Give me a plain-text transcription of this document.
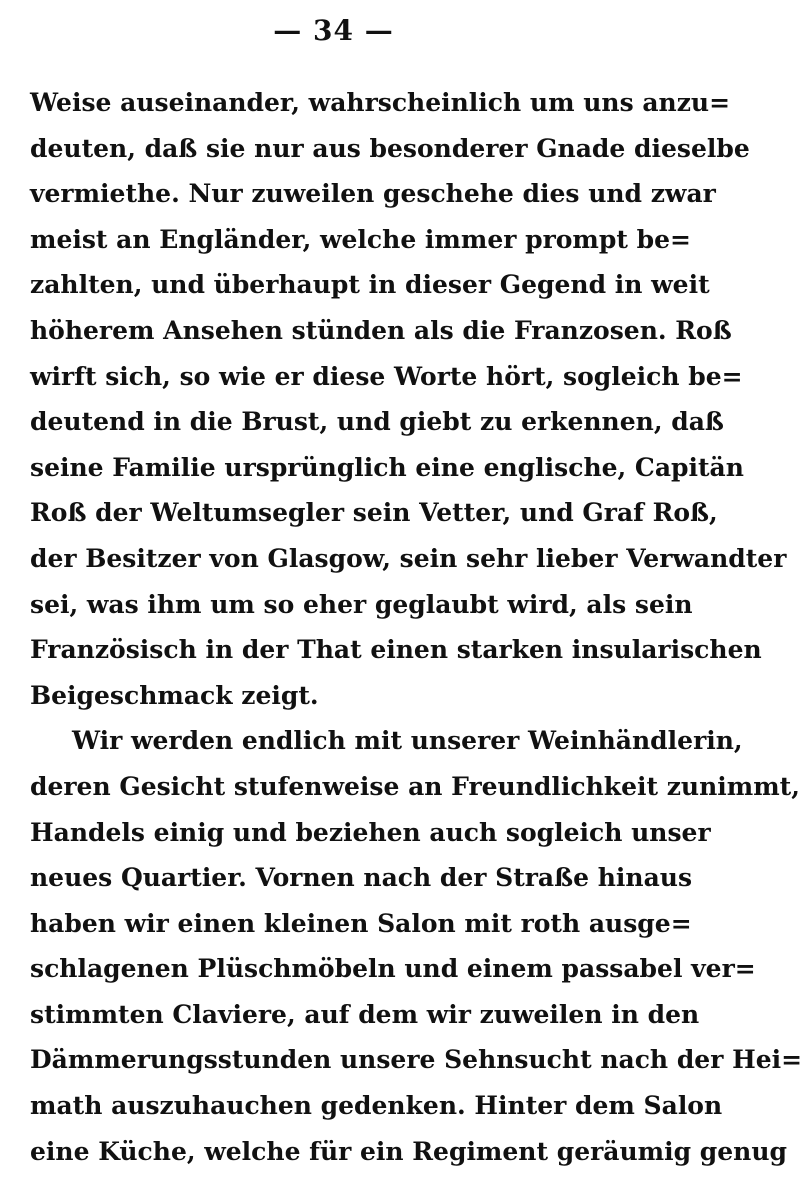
— 34 —
Weise auseinander, wahrscheinlich um uns anzu=
deuten, daß sie nur aus besonderer Gnade dieselbe
vermiethe. Nur zuweilen geschehe dies und zwar
meist an Engländer, welche immer prompt be=
zahlten, und überhaupt in dieser Gegend in weit
höherem Ansehen stünden als die Franzosen. Roß
wirft sich, so wie er diese Worte hört, sogleich be=
deutend in die Brust, und giebt zu erkennen, daß
seine Familie ursprünglich eine englische, Capitän
Roß der Weltumsegler sein Vetter, und Graf Roß,
der Besitzer von Glasgow, sein sehr lieber Verwandter
sei, was ihm um so eher geglaubt wird, als sein
Französisch in der That einen starken insularischen
Beigeschmack zeigt.
Wir werden endlich mit unserer Weinhändlerin,
deren Gesicht stufenweise an Freundlichkeit zunimmt,
Handels einig und beziehen auch sogleich unser
neues Quartier. Vornen nach der Straße hinaus
haben wir einen kleinen Salon mit roth ausge=
schlagenen Plüschmöbeln und einem passabel ver=
stimmten Claviere, auf dem wir zuweilen in den
Dämmerungsstunden unsere Sehnsucht nach der Hei=
math auszuhauchen gedenken. Hinter dem Salon
eine Küche, welche für ein Regiment geräumig genug
